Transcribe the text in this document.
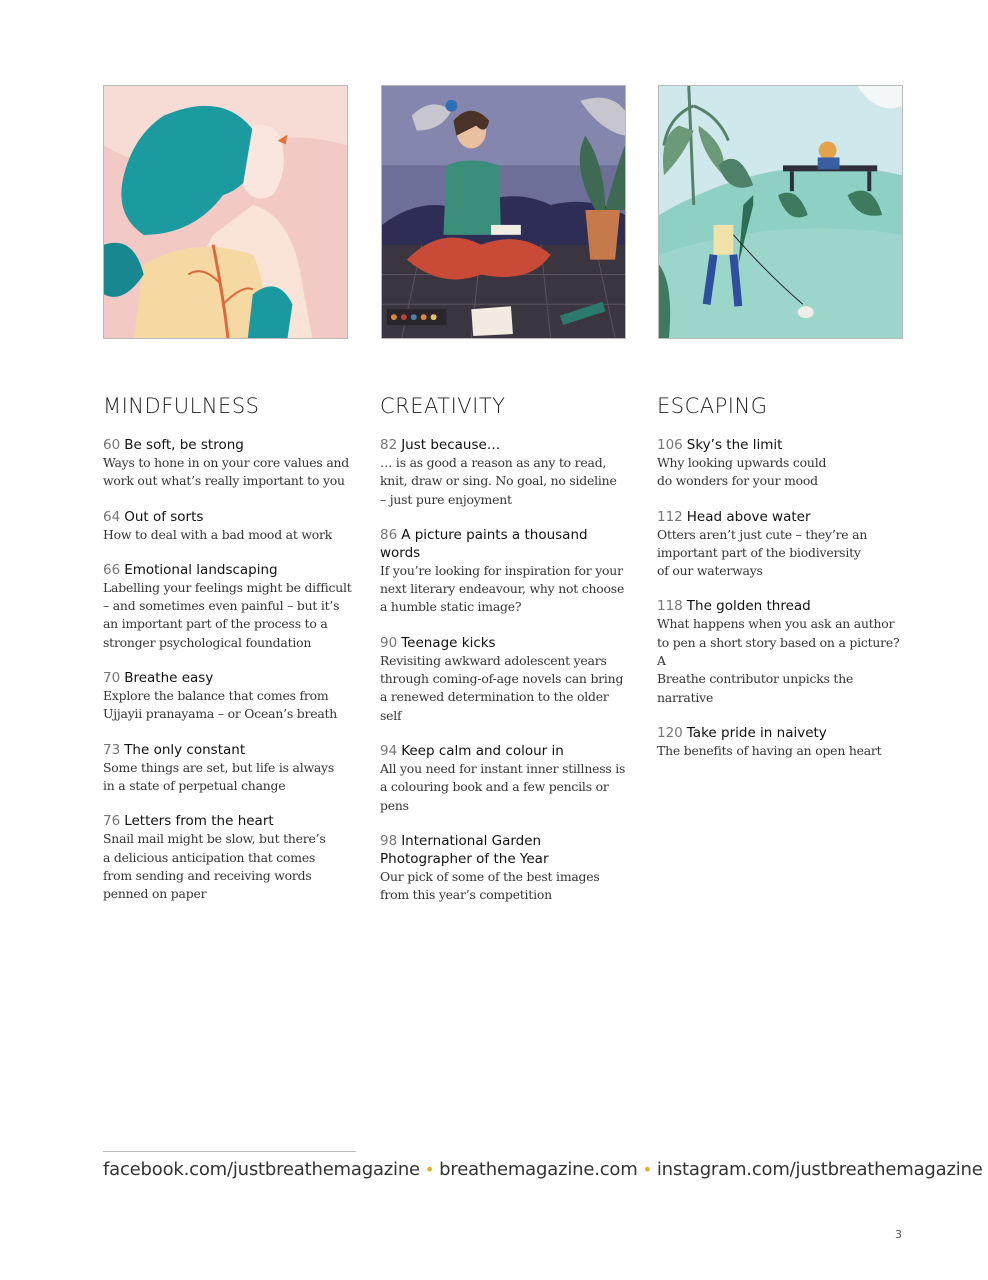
MINDFULNESS
60 Be soft, be strong
Ways to hone in on your core values and
work out what’s really important to you
64 Out of sorts
How to deal with a bad mood at work
66 Emotional landscaping
Labelling your feelings might be difficult
– and sometimes even painful – but it’s
an important part of the process to a
stronger psychological foundation
70 Breathe easy
Explore the balance that comes from
Ujjayii pranayama – or Ocean’s breath
73 The only constant
Some things are set, but life is always
in a state of perpetual change
76 Letters from the heart
Snail mail might be slow, but there’s
a delicious anticipation that comes
from sending and receiving words
penned on paper
CREATIVITY
82 Just because…
… is as good a reason as any to read,
knit, draw or sing. No goal, no sideline
– just pure enjoyment
86 A picture paints a thousand words
If you’re looking for inspiration for your
next literary endeavour, why not choose
a humble static image?
90 Teenage kicks
Revisiting awkward adolescent years
through coming-of-age novels can bring
a renewed determination to the older self
94 Keep calm and colour in
All you need for instant inner stillness is
a colouring book and a few pencils or pens
98 International Garden Photographer of the Year
Our pick of some of the best images
from this year’s competition
ESCAPING
106 Sky’s the limit
Why looking upwards could
do wonders for your mood
112 Head above water
Otters aren’t just cute – they’re an
important part of the biodiversity
of our waterways
118 The golden thread
What happens when you ask an author
to pen a short story based on a picture? A
Breathe contributor unpicks the narrative
120 Take pride in naivety
The benefits of having an open heart
facebook.com/justbreathemagazine • breathemagazine.com • instagram.com/justbreathemagazine
3
